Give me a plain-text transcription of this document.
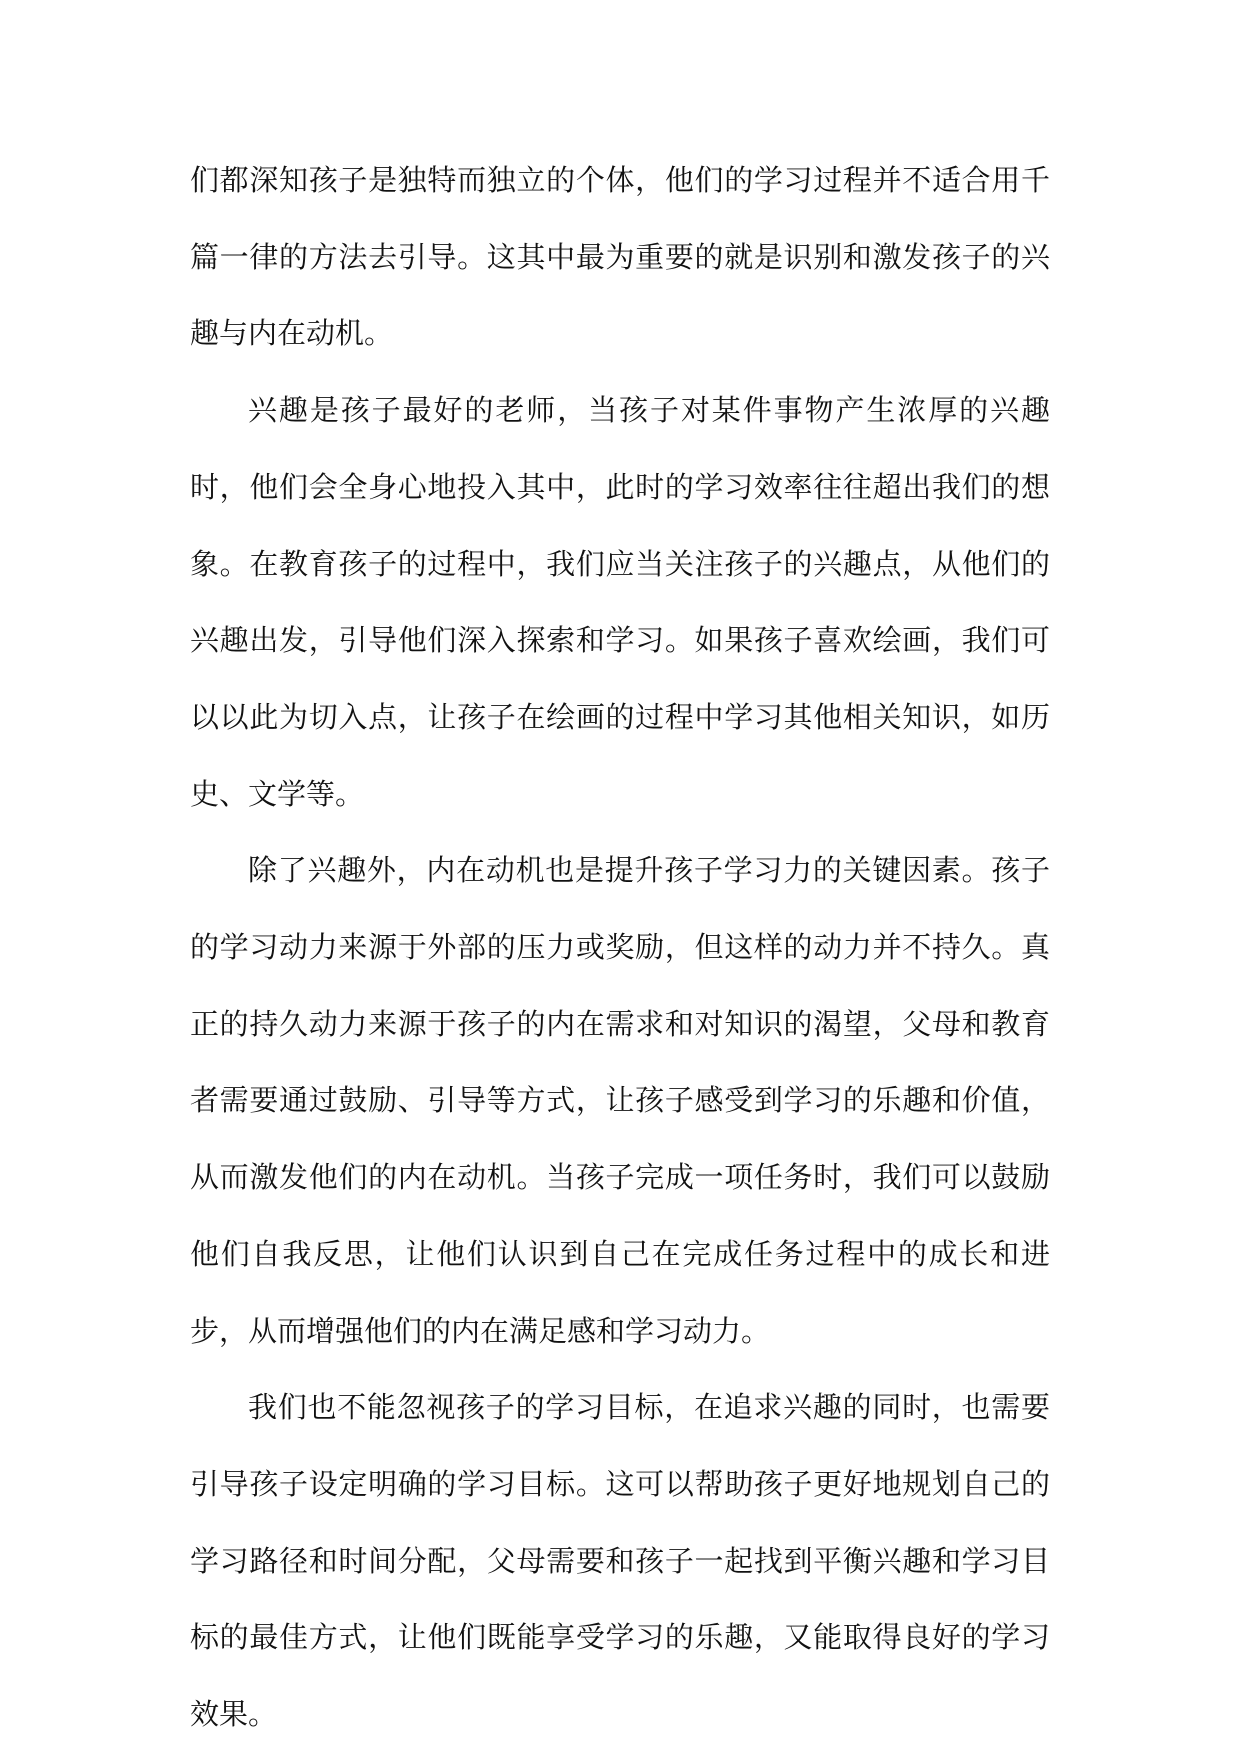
们都深知孩子是独特而独立的个体，他们的学习过程并不适合用千篇一律的方法去引导。这其中最为重要的就是识别和激发孩子的兴趣与内在动机。

兴趣是孩子最好的老师，当孩子对某件事物产生浓厚的兴趣时，他们会全身心地投入其中，此时的学习效率往往超出我们的想象。在教育孩子的过程中，我们应当关注孩子的兴趣点，从他们的兴趣出发，引导他们深入探索和学习。如果孩子喜欢绘画，我们可以以此为切入点，让孩子在绘画的过程中学习其他相关知识，如历史、文学等。

除了兴趣外，内在动机也是提升孩子学习力的关键因素。孩子的学习动力来源于外部的压力或奖励，但这样的动力并不持久。真正的持久动力来源于孩子的内在需求和对知识的渴望，父母和教育者需要通过鼓励、引导等方式，让孩子感受到学习的乐趣和价值，从而激发他们的内在动机。当孩子完成一项任务时，我们可以鼓励他们自我反思，让他们认识到自己在完成任务过程中的成长和进步，从而增强他们的内在满足感和学习动力。

我们也不能忽视孩子的学习目标，在追求兴趣的同时，也需要引导孩子设定明确的学习目标。这可以帮助孩子更好地规划自己的学习路径和时间分配，父母需要和孩子一起找到平衡兴趣和学习目标的最佳方式，让他们既能享受学习的乐趣，又能取得良好的学习效果。
